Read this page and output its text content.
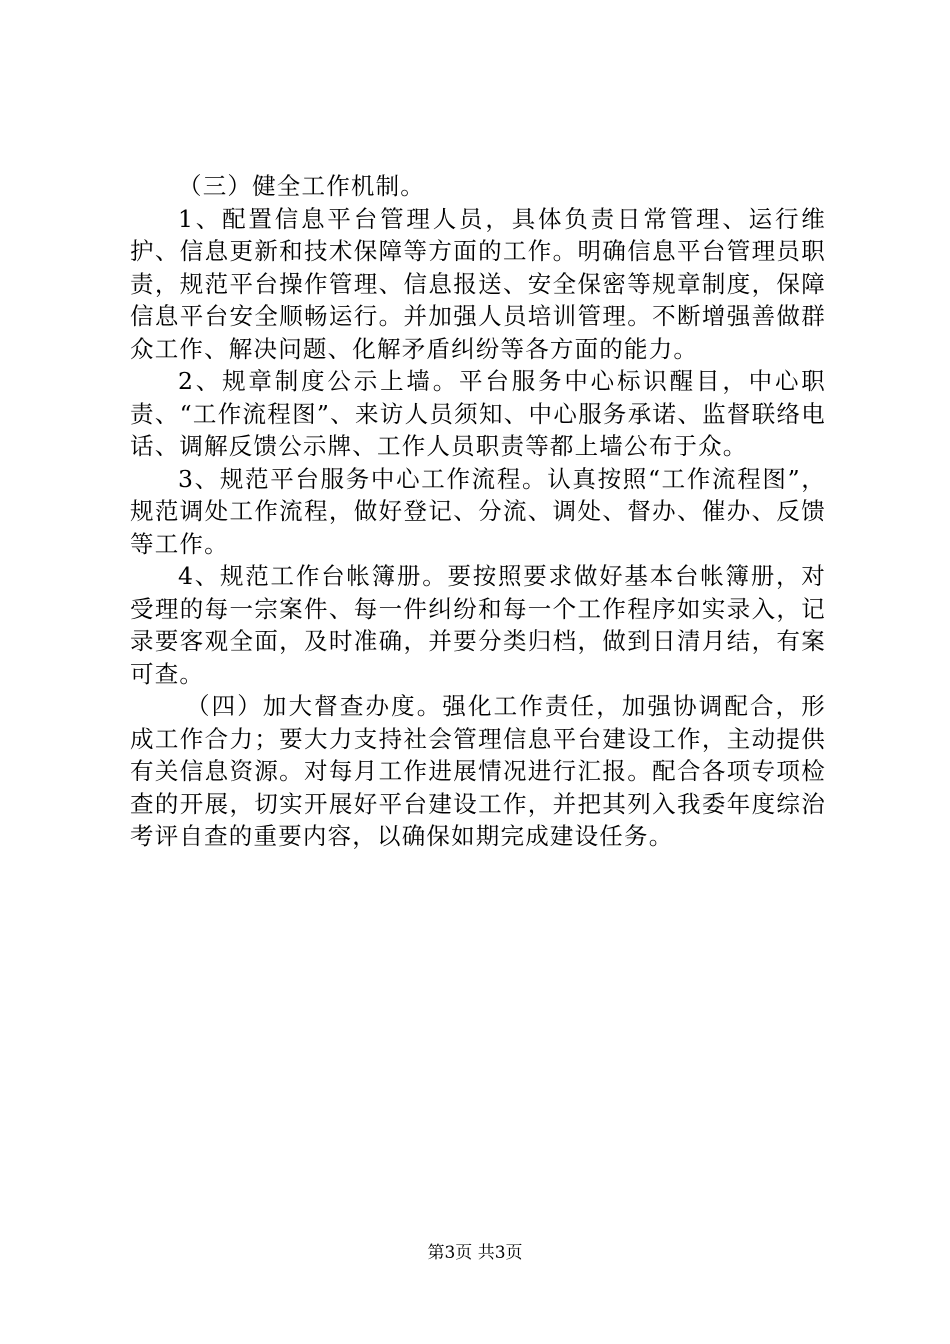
（三）健全工作机制。

1、配置信息平台管理人员，具体负责日常管理、运行维护、信息更新和技术保障等方面的工作。明确信息平台管理员职责，规范平台操作管理、信息报送、安全保密等规章制度，保障信息平台安全顺畅运行。并加强人员培训管理。不断增强善做群众工作、解决问题、化解矛盾纠纷等各方面的能力。

2、规章制度公示上墙。平台服务中心标识醒目，中心职责、“工作流程图”、来访人员须知、中心服务承诺、监督联络电话、调解反馈公示牌、工作人员职责等都上墙公布于众。

3、规范平台服务中心工作流程。认真按照“工作流程图”，规范调处工作流程，做好登记、分流、调处、督办、催办、反馈等工作。

4、规范工作台帐簿册。要按照要求做好基本台帐簿册，对受理的每一宗案件、每一件纠纷和每一个工作程序如实录入，记录要客观全面，及时准确，并要分类归档，做到日清月结，有案可查。

（四）加大督查办度。强化工作责任，加强协调配合，形成工作合力；要大力支持社会管理信息平台建设工作，主动提供有关信息资源。对每月工作进展情况进行汇报。配合各项专项检查的开展，切实开展好平台建设工作，并把其列入我委年度综治考评自查的重要内容，以确保如期完成建设任务。

第3页 共3页
